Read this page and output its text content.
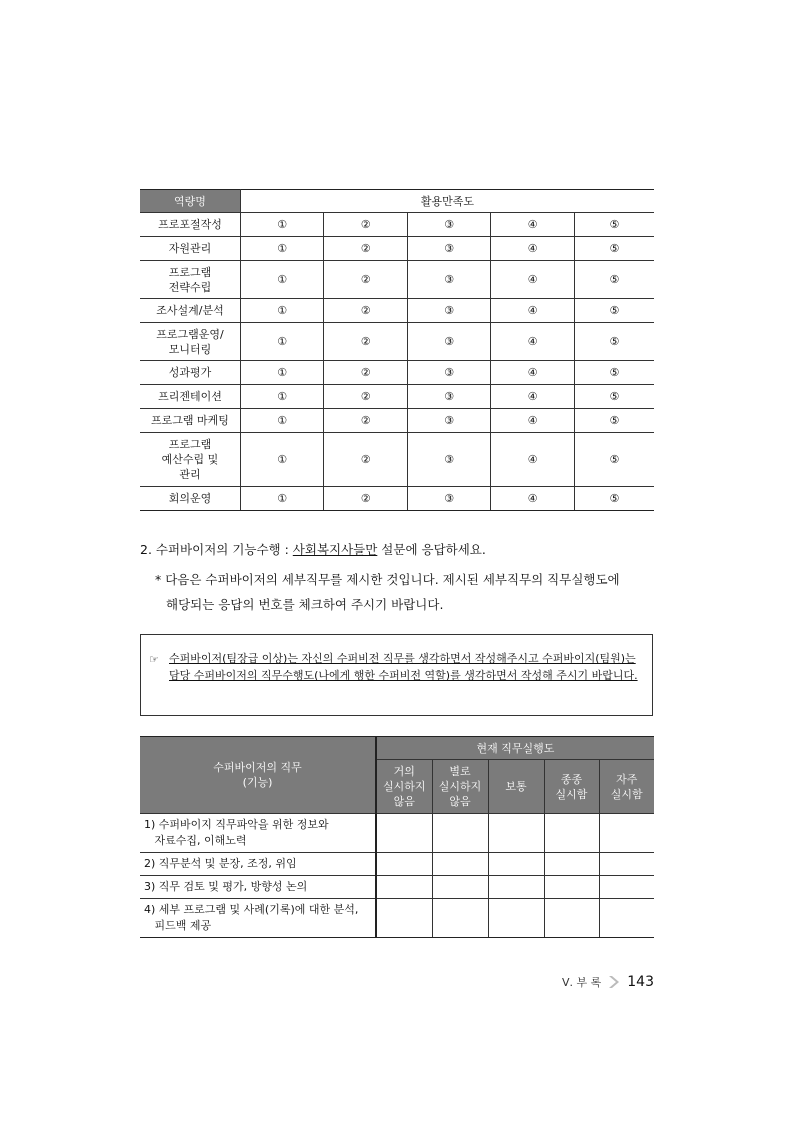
역량명	활용만족도				
프로포절작성	①	②	③	④	⑤
자원관리	①	②	③	④	⑤
프로그램
전략수립	①	②	③	④	⑤
조사설계/분석	①	②	③	④	⑤
프로그램운영/
모니터링	①	②	③	④	⑤
성과평가	①	②	③	④	⑤
프리젠테이션	①	②	③	④	⑤
프로그램 마케팅	①	②	③	④	⑤
프로그램
예산수립 및
관리	①	②	③	④	⑤
회의운영	①	②	③	④	⑤
2. 수퍼바이저의 기능수행 : 사회복지사들만 설문에 응답하세요.
* 다음은 수퍼바이저의 세부직무를 제시한 것입니다. 제시된 세부직무의 직무실행도에
해당되는 응답의 번호를 체크하여 주시기 바랍니다.
☞ 수퍼바이저(팀장급 이상)는 자신의 수퍼비전 직무를 생각하면서 작성해주시고 수퍼바이지(팀원)는 담당 수퍼바이저의 직무수행도(나에게 행한 수퍼비전 역할)를 생각하면서 작성해 주시기 바랍니다.
수퍼바이저의 직무
(기능)	현재 직무실행도				
	거의
실시하지
않음	별로
실시하지
않음	보통	종종
실시함	자주
실시함
1) 수퍼바이지 직무파악을 위한 정보와
자료수집, 이해노력					
2) 직무분석 및 분장, 조정, 위임					
3) 직무 검토 및 평가, 방향성 논의					
4) 세부 프로그램 및 사례(기록)에 대한 분석,
피드백 제공					
Ⅴ. 부 록 143
